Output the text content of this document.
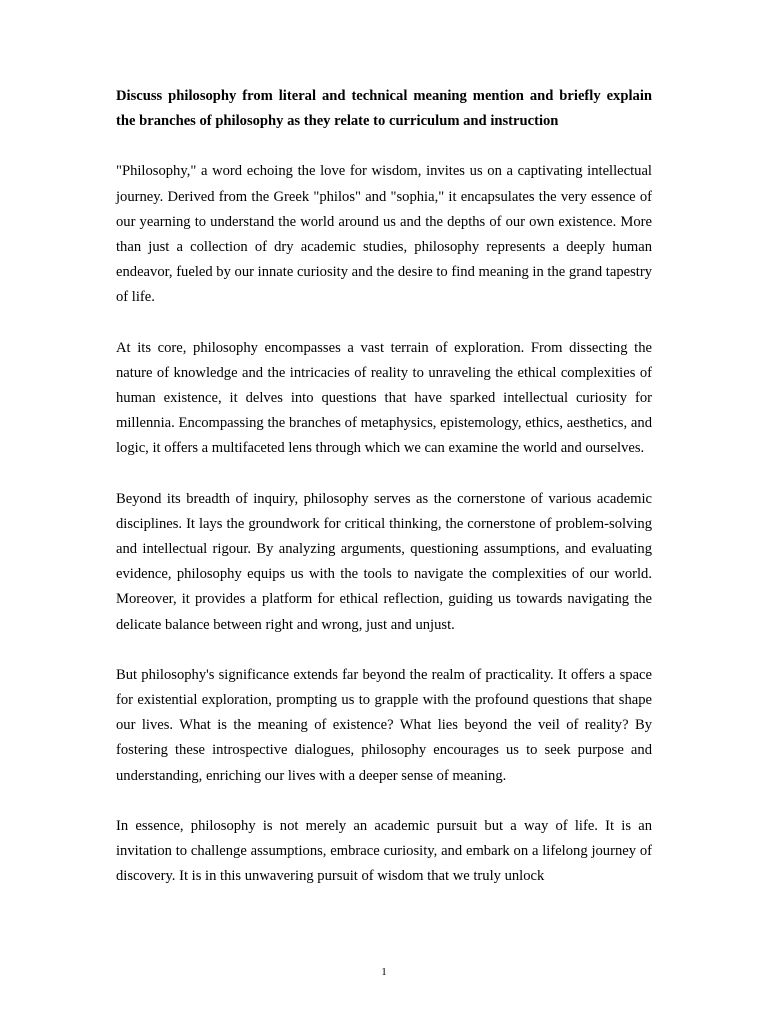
Discuss philosophy from literal and technical meaning mention and briefly explain the branches of philosophy as they relate to curriculum and instruction

"Philosophy," a word echoing the love for wisdom, invites us on a captivating intellectual journey. Derived from the Greek "philos" and "sophia," it encapsulates the very essence of our yearning to understand the world around us and the depths of our own existence. More than just a collection of dry academic studies, philosophy represents a deeply human endeavor, fueled by our innate curiosity and the desire to find meaning in the grand tapestry of life.

At its core, philosophy encompasses a vast terrain of exploration. From dissecting the nature of knowledge and the intricacies of reality to unraveling the ethical complexities of human existence, it delves into questions that have sparked intellectual curiosity for millennia. Encompassing the branches of metaphysics, epistemology, ethics, aesthetics, and logic, it offers a multifaceted lens through which we can examine the world and ourselves.

Beyond its breadth of inquiry, philosophy serves as the cornerstone of various academic disciplines. It lays the groundwork for critical thinking, the cornerstone of problem-solving and intellectual rigour. By analyzing arguments, questioning assumptions, and evaluating evidence, philosophy equips us with the tools to navigate the complexities of our world. Moreover, it provides a platform for ethical reflection, guiding us towards navigating the delicate balance between right and wrong, just and unjust.

But philosophy's significance extends far beyond the realm of practicality. It offers a space for existential exploration, prompting us to grapple with the profound questions that shape our lives. What is the meaning of existence? What lies beyond the veil of reality? By fostering these introspective dialogues, philosophy encourages us to seek purpose and understanding, enriching our lives with a deeper sense of meaning.

In essence, philosophy is not merely an academic pursuit but a way of life. It is an invitation to challenge assumptions, embrace curiosity, and embark on a lifelong journey of discovery. It is in this unwavering pursuit of wisdom that we truly unlock

1
